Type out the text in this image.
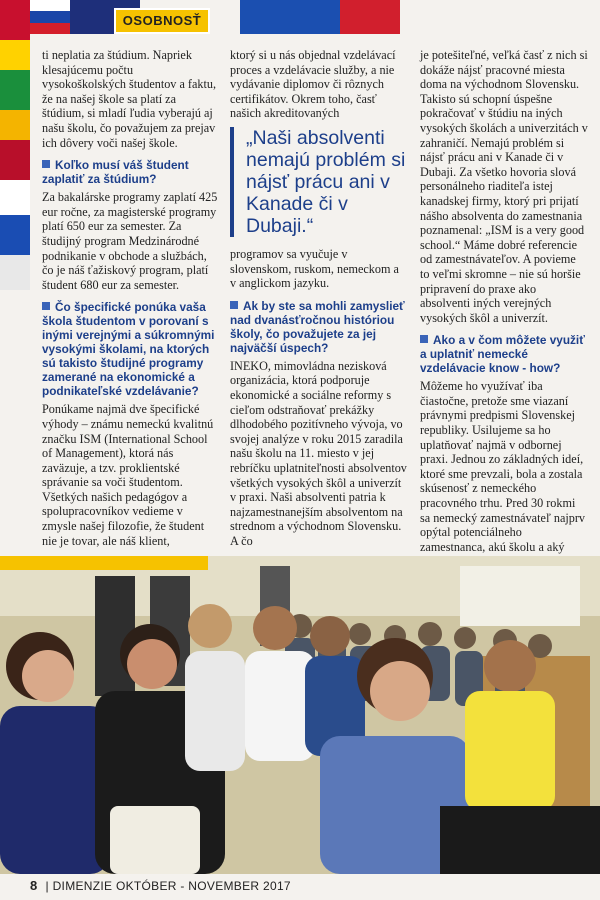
OSOBNOSŤ

ti neplatia za štúdium. Napriek klesajúcemu počtu vysokoškolských študentov a faktu, že na našej škole sa platí za štúdium, si mladí ľudia vyberajú aj našu školu, čo považujem za prejav ich dôvery voči našej škole.

Koľko musí váš študent zaplatiť za štúdium?

Za bakalárske programy zaplatí 425 eur ročne, za magisterské programy platí 650 eur za semester. Za študijný program Medzinárodné podnikanie v obchode a službách, čo je náš ťažiskový program, platí študent 680 eur za semester.

Čo špecifické ponúka vaša škola študentom v porovaní s inými verejnými a súkromnými vysokými školami, na ktorých sú takisto študijné programy zamerané na ekonomické a podnikateľské vzdelávanie?

Ponúkame najmä dve špecifické výhody – známu nemeckú kvalitnú značku ISM (International School of Management), ktorá nás zaväzuje, a tzv. proklientské správanie sa voči študentom. Všetkých našich pedagógov a spolupracovníkov vedieme v zmysle našej filozofie, že študent nie je tovar, ale náš klient,

ktorý si u nás objednal vzdelávací proces a vzdelávacie služby, a nie vydávanie diplomov či rôznych certifikátov. Okrem toho, časť našich akreditovaných

„Naši absolventi nemajú problém si nájsť prácu ani v Kanade či v Dubaji.“

programov sa vyučuje v slovenskom, ruskom, nemeckom a v anglickom jazyku.

Ak by ste sa mohli zamyslieť nad dvanásťročnou históriou školy, čo považujete za jej najväčší úspech?

INEKO, mimovládna nezisková organizácia, ktorá podporuje ekonomické a sociálne reformy s cieľom odstraňovať prekážky dlhodobého pozitívneho vývoja, vo svojej analýze v roku 2015 zaradila našu školu na 11. miesto v jej rebríčku uplatniteľnosti absolventov všetkých vysokých škôl a univerzít v praxi. Naši absolventi patria k najzamestnanejším absolventom na strednom a východnom Slovensku. A čo

je potešiteľné, veľká časť z nich si dokáže nájsť pracovné miesta doma na východnom Slovensku. Takisto sú schopní úspešne pokračovať v štúdiu na iných vysokých školách a univerzitách v zahraničí. Nemajú problém si nájsť prácu ani v Kanade či v Dubaji. Za všetko hovoria slová personálneho riaditeľa istej kanadskej firmy, ktorý pri prijatí nášho absolventa do zamestnania poznamenal: „ISM is a very good school.“ Máme dobré referencie od zamestnávateľov. A povieme to veľmi skromne – nie sú horšie pripravení do praxe ako absolventi iných verejných vysokých škôl a univerzít.

Ako a v čom môžete využiť a uplatniť nemecké vzdelávacie know - how?

Môžeme ho využívať iba čiastočne, pretože sme viazaní právnymi predpismi Slovenskej republiky. Usilujeme sa ho uplatňovať najmä v odbornej praxi. Jednou zo základných ideí, ktoré sme prevzali, bola a zostala skúsenosť z nemeckého pracovného trhu. Pred 30 rokmi sa nemecký zamestnávateľ najprv opýtal potenciálneho zamestnanca, akú školu a aký

8 | DIMENZIE OKTÓBER - NOVEMBER 2017
